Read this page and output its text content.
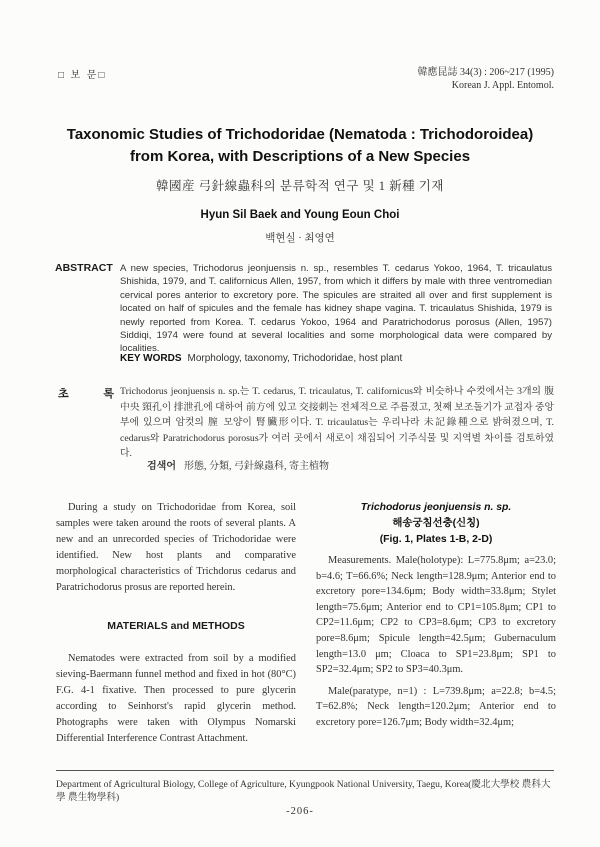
□ 보 문□	韓應昆誌 34(3) : 206~217 (1995)
Korean J. Appl. Entomol.
Taxonomic Studies of Trichodoridae (Nematoda : Trichodoroidea)
from Korea, with Descriptions of a New Species
韓國産 弓針線蟲科의 분류학적 연구 및 1 新種 기재
Hyun Sil Baek and Young Eoun Choi
백현실 · 최영연
ABSTRACT A new species, Trichodorus jeonjuensis n. sp., resembles T. cedarus Yokoo, 1964, T. tricaulatus Shishida, 1979, and T. californicus Allen, 1957, from which it differs by male with three ventromedian cervical pores anterior to excretory pore. The spicules are straited all over and first supplement is located on half of spicules and the female has kidney shape vagina. T. tricaulatus Shishida, 1979 is newly reported from Korea. T. cedarus Yokoo, 1964 and Paratrichodorus porosus (Allen, 1957) Siddiqi, 1974 were found at several localities and some morphological data were compared by localities.
KEY WORDS Morphology, taxonomy, Trichodoridae, host plant
초 록
Trichodorus jeonjuensis n. sp.는 T. cedarus, T. tricaulatus, T. californicus와 비슷하나 수컷에서는 3개의 腹中央 頸孔이 排泄孔에 대하여 前方에 있고 交接刺는 전체적으로 주름졌고, 첫째 보조돌기가 교접자 중앙부에 있으며 암컷의 膣 모양이 腎臟形이다. T. tricaulatus는 우리나라 未記錄種으로 밝혀졌으며, T. cedarus와 Paratrichodorus porosus가 여러 곳에서 새로이 채집되어 기주식물 및 지역별 차이를 검토하였다.
검색어 形態, 分類, 弓針線蟲科, 寄主植物

During a study on Trichodoridae from Korea, soil samples were taken around the roots of several plants. A new and an unrecorded species of Trichodoridae were identified. New host plants and comparative morphological characteristics of Trichdorus cedarus and Paratrichodorus prosus are reported herein.

MATERIALS and METHODS

Nematodes were extracted from soil by a modified sieving-Baermann funnel method and fixed in hot (80°C) F.G. 4-1 fixative. Then processed to pure glycerin according to Seinhorst's rapid glycerin method. Photographs were taken with Olympus Nomarski Differential Interference Contrast Attachment.

Trichodorus jeonjuensis n. sp.
해송궁침선충(신칭)
(Fig. 1, Plates 1-B, 2-D)

Measurements. Male(holotype): L=775.8μm; a=23.0; b=4.6; T=66.6%; Neck length=128.9μm; Anterior end to excretory pore=134.6μm; Body width=33.8μm; Stylet length=75.6μm; Anterior end to CP1=105.8μm; CP1 to CP2=11.6μm; CP2 to CP3=8.6μm; CP3 to excretory pore=8.6μm; Spicule length=42.5μm; Gubernaculum length=13.0 μm; Cloaca to SP1=23.8μm; SP1 to SP2=32.4μm; SP2 to SP3=40.3μm.

Male(paratype, n=1) : L=739.8μm; a=22.8; b=4.5; T=62.8%; Neck length=120.2μm; Anterior end to excretory pore=126.7μm; Body width=32.4μm;

Department of Agricultural Biology, College of Agriculture, Kyungpook National University, Taegu, Korea(慶北大學校 農科大學 農生物學科)
-206-
